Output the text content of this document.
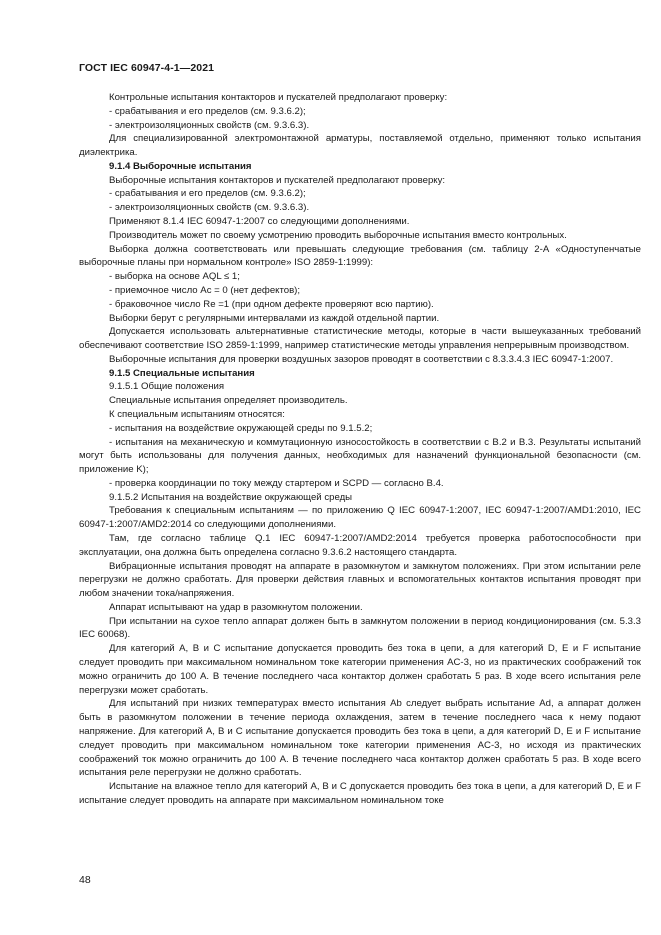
ГОСТ IEC 60947-4-1—2021

Контрольные испытания контакторов и пускателей предполагают проверку:

- срабатывания и его пределов (см. 9.3.6.2);

- электроизоляционных свойств (см. 9.3.6.3).

Для специализированной электромонтажной арматуры, поставляемой отдельно, применяют только испытания диэлектрика.

9.1.4 Выборочные испытания

Выборочные испытания контакторов и пускателей предполагают проверку:

- срабатывания и его пределов (см. 9.3.6.2);

- электроизоляционных свойств (см. 9.3.6.3).

Применяют 8.1.4 IEC 60947-1:2007 со следующими дополнениями.

Производитель может по своему усмотрению проводить выборочные испытания вместо контрольных.

Выборка должна соответствовать или превышать следующие требования (см. таблицу 2-А «Одноступенчатые выборочные планы при нормальном контроле» ISO 2859-1:1999):

- выборка на основе AQL ≤ 1;

- приемочное число Ac = 0 (нет дефектов);

- браковочное число Re =1 (при одном дефекте проверяют всю партию).

Выборки берут с регулярными интервалами из каждой отдельной партии.

Допускается использовать альтернативные статистические методы, которые в части вышеуказанных требований обеспечивают соответствие ISO 2859-1:1999, например статистические методы управления непрерывным производством.

Выборочные испытания для проверки воздушных зазоров проводят в соответствии с 8.3.3.4.3 IEC 60947-1:2007.

9.1.5 Специальные испытания

9.1.5.1 Общие положения

Специальные испытания определяет производитель.

К специальным испытаниям относятся:

- испытания на воздействие окружающей среды по 9.1.5.2;

- испытания на механическую и коммутационную износостойкость в соответствии с B.2 и B.3. Результаты испытаний могут быть использованы для получения данных, необходимых для назначений функциональной безопасности (см. приложение K);

- проверка координации по току между стартером и SCPD — согласно B.4.

9.1.5.2 Испытания на воздействие окружающей среды

Требования к специальным испытаниям — по приложению Q IEC 60947-1:2007, IEC 60947-1:2007/AMD1:2010, IEC 60947-1:2007/AMD2:2014 со следующими дополнениями.

Там, где согласно таблице Q.1 IEC 60947-1:2007/AMD2:2014 требуется проверка работоспособности при эксплуатации, она должна быть определена согласно 9.3.6.2 настоящего стандарта.

Вибрационные испытания проводят на аппарате в разомкнутом и замкнутом положениях. При этом испытании реле перегрузки не должно сработать. Для проверки действия главных и вспомогательных контактов испытания проводят при любом значении тока/напряжения.

Аппарат испытывают на удар в разомкнутом положении.

При испытании на сухое тепло аппарат должен быть в замкнутом положении в период кондиционирования (см. 5.3.3 IEC 60068).

Для категорий A, B и C испытание допускается проводить без тока в цепи, а для категорий D, E и F испытание следует проводить при максимальном номинальном токе категории применения AC-3, но из практических соображений ток можно ограничить до 100 A. В течение последнего часа контактор должен сработать 5 раз. В ходе всего испытания реле перегрузки может сработать.

Для испытаний при низких температурах вместо испытания Ab следует выбрать испытание Ad, а аппарат должен быть в разомкнутом положении в течение периода охлаждения, затем в течение последнего часа к нему подают напряжение. Для категорий A, B и C испытание допускается проводить без тока в цепи, а для категорий D, E и F испытание следует проводить при максимальном номинальном токе категории применения AC-3, но исходя из практических соображений ток можно ограничить до 100 A. В течение последнего часа контактор должен сработать 5 раз. В ходе всего испытания реле перегрузки не должно сработать.

Испытание на влажное тепло для категорий A, B и C допускается проводить без тока в цепи, а для категорий D, E и F испытание следует проводить на аппарате при максимальном номинальном токе

48
